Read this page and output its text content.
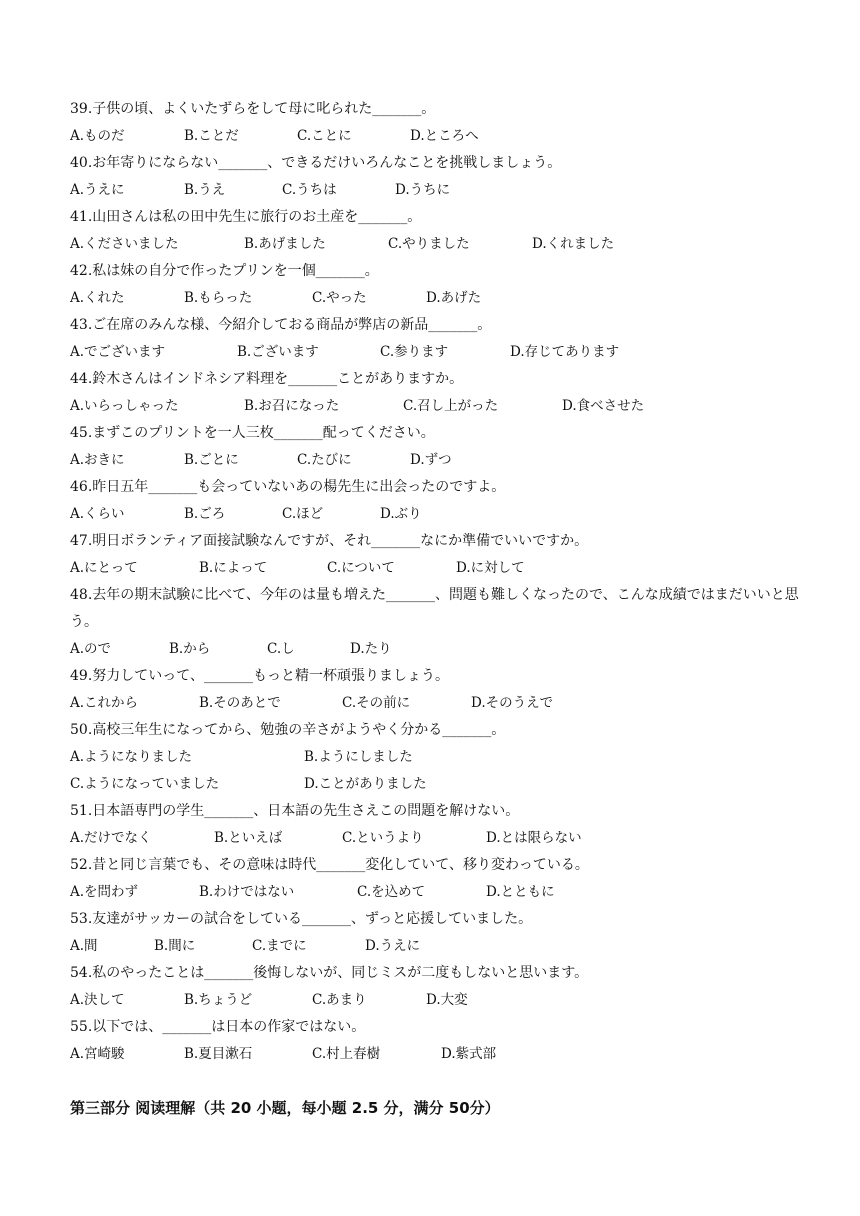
39.子供の頃、よくいたずらをして母に叱られた_______。
A.ものだ	B.ことだ	C.ことに	D.ところへ
40.お年寄りにならない_______、できるだけいろんなことを挑戦しましょう。
A.うえに	B.うえ	C.うちは	D.うちに
41.山田さんは私の田中先生に旅行のお土産を_______。
A.くださいました	B.あげました	C.やりました	D.くれました
42.私は妹の自分で作ったプリンを一個_______。
A.くれた	B.もらった	C.やった	D.あげた
43.ご在席のみんな様、今紹介しておる商品が弊店の新品_______。
A.でございます	B.ございます	C.参ります	D.存じてあります
44.鈴木さんはインドネシア料理を_______ことがありますか。
A.いらっしゃった	B.お召になった	C.召し上がった	D.食べさせた
45.まずこのプリントを一人三枚_______配ってください。
A.おきに	B.ごとに	C.たびに	D.ずつ
46.昨日五年_______も会っていないあの楊先生に出会ったのですよ。
A.くらい	B.ごろ	C.ほど	D.ぶり
47.明日ボランティア面接試験なんですが、それ_______なにか準備でいいですか。
A.にとって	B.によって	C.について	D.に対して
48.去年の期末試験に比べて、今年のは量も増えた_______、問題も難しくなったので、こんな成績ではまだいいと思う。
A.ので	B.から	C.し	D.たり
49.努力していって、_______もっと精一杯頑張りましょう。
A.これから	B.そのあとで	C.その前に	D.そのうえで
50.高校三年生になってから、勉強の辛さがようやく分かる_______。
A.ようになりました	B.ようにしました
C.ようになっていました	D.ことがありました
51.日本語専門の学生_______、日本語の先生さえこの問題を解けない。
A.だけでなく	B.といえば	C.というより	D.とは限らない
52.昔と同じ言葉でも、その意味は時代_______変化していて、移り変わっている。
A.を問わず	B.わけではない	C.を込めて	D.とともに
53.友達がサッカーの試合をしている_______、ずっと応援していました。
A.間	B.間に	C.までに	D.うえに
54.私のやったことは_______後悔しないが、同じミスが二度もしないと思います。
A.決して	B.ちょうど	C.あまり	D.大変
55.以下では、_______は日本の作家ではない。
A.宮崎駿	B.夏目漱石	C.村上春樹	D.紫式部
第三部分 阅读理解（共 20 小题，每小题 2.5 分，满分 50分）
